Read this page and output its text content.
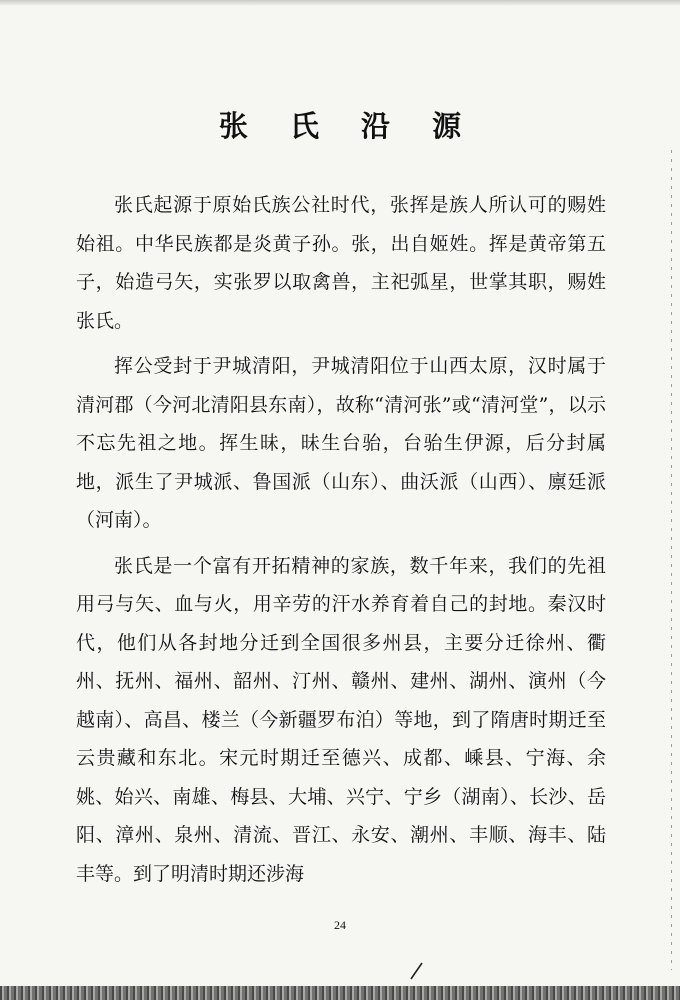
张 氏 沿 源

张氏起源于原始氏族公社时代，张挥是族人所认可的赐姓始祖。中华民族都是炎黄子孙。张，出自姬姓。挥是黄帝第五子，始造弓矢，实张罗以取禽兽，主祀弧星，世掌其职，赐姓张氏。

挥公受封于尹城清阳，尹城清阳位于山西太原，汉时属于清河郡（今河北清阳县东南），故称“清河张”或“清河堂”，以示不忘先祖之地。挥生昧，昧生台骀，台骀生伊源，后分封属地，派生了尹城派、鲁国派（山东）、曲沃派（山西）、廪廷派（河南）。

张氏是一个富有开拓精神的家族，数千年来，我们的先祖用弓与矢、血与火，用辛劳的汗水养育着自己的封地。秦汉时代，他们从各封地分迁到全国很多州县，主要分迁徐州、衢州、抚州、福州、韶州、汀州、赣州、建州、湖州、演州（今越南）、高昌、楼兰（今新疆罗布泊）等地，到了隋唐时期迁至云贵藏和东北。宋元时期迁至德兴、成都、嵊县、宁海、余姚、始兴、南雄、梅县、大埔、兴宁、宁乡（湖南）、长沙、岳阳、漳州、泉州、清流、晋江、永安、潮州、丰顺、海丰、陆丰等。到了明清时期还涉海

24
